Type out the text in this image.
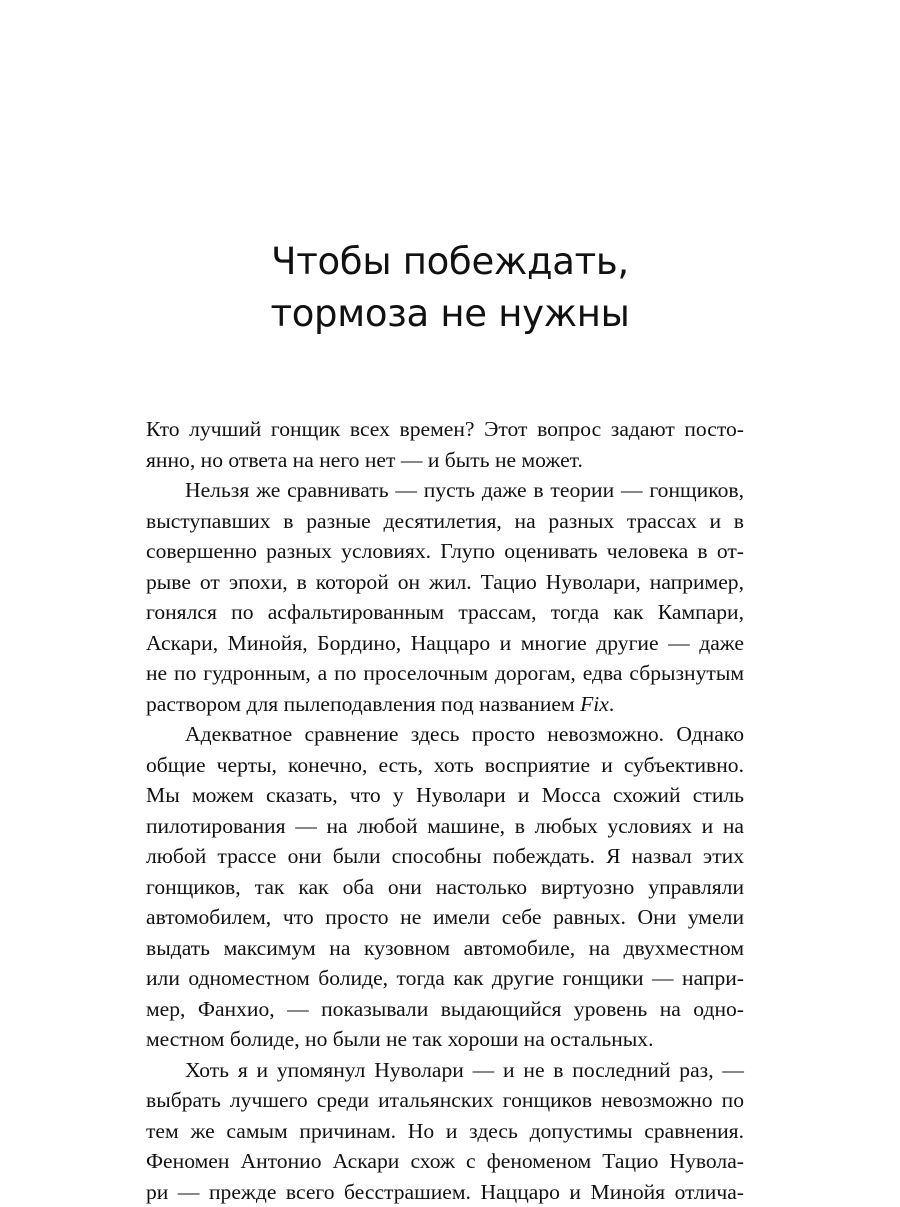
Чтобы побеждать,
тормоза не нужны
Кто лучший гонщик всех времен? Этот вопрос задают посто-
янно, но ответа на него нет — и быть не может.
Нельзя же сравнивать — пусть даже в теории — гонщиков,
выступавших в разные десятилетия, на разных трассах и в
совершенно разных условиях. Глупо оценивать человека в от-
рыве от эпохи, в которой он жил. Тацио Нуволари, например,
гонялся по асфальтированным трассам, тогда как Кампари,
Аскари, Минойя, Бордино, Наццаро и многие другие — даже
не по гудронным, а по проселочным дорогам, едва сбрызнутым
раствором для пылеподавления под названием Fix.
Адекватное сравнение здесь просто невозможно. Однако
общие черты, конечно, есть, хоть восприятие и субъективно.
Мы можем сказать, что у Нуволари и Мосса схожий стиль
пилотирования — на любой машине, в любых условиях и на
любой трассе они были способны побеждать. Я назвал этих
гонщиков, так как оба они настолько виртуозно управляли
автомобилем, что просто не имели себе равных. Они умели
выдать максимум на кузовном автомобиле, на двухместном
или одноместном болиде, тогда как другие гонщики — напри-
мер, Фанхио, — показывали выдающийся уровень на одно-
местном болиде, но были не так хороши на остальных.
Хоть я и упомянул Нуволари — и не в последний раз, —
выбрать лучшего среди итальянских гонщиков невозможно по
тем же самым причинам. Но и здесь допустимы сравнения.
Феномен Антонио Аскари схож с феноменом Тацио Нувола-
ри — прежде всего бесстрашием. Наццаро и Минойя отлича-
